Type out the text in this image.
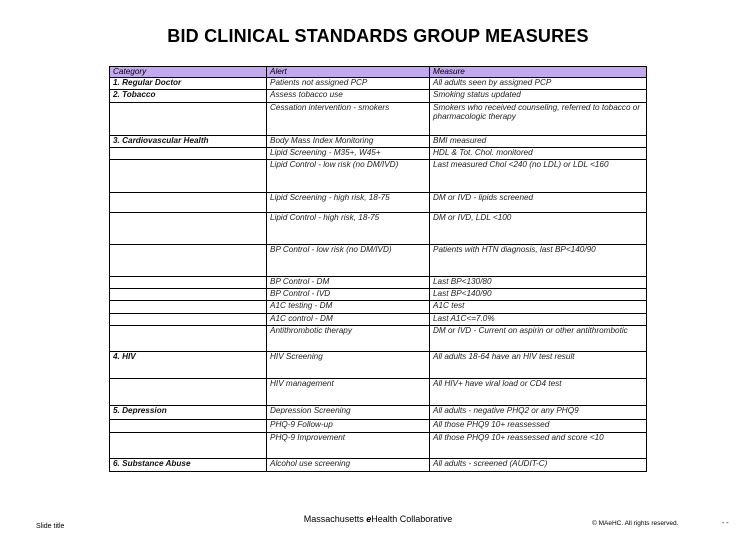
BID CLINICAL STANDARDS GROUP MEASURES
Category	Alert	Measure
1. Regular Doctor	Patients not assigned PCP	All adults seen by assigned PCP
2. Tobacco	Assess tobacco use	Smoking status updated
	Cessation intervention - smokers	Smokers who received counseling, referred to tobacco or pharmacologic therapy
3. Cardiovascular Health	Body Mass Index Monitoring	BMI measured
	Lipid Screening - M35+, W45+	HDL & Tot. Chol. monitored
	Lipid Control - low risk (no DM/IVD)	Last measured Chol <240 (no LDL) or LDL <160
	Lipid Screening - high risk, 18-75	DM or IVD - lipids screened
	Lipid Control - high risk, 18-75	DM or IVD, LDL <100
	BP Control - low risk (no DM/IVD)	Patients with HTN diagnosis, last BP<140/90
	BP Control - DM	Last BP<130/80
	BP Control - IVD	Last BP<140/90
	A1C testing - DM	A1C test
	A1C control - DM	Last A1C<=7.0%
	Antithrombotic therapy	DM or IVD - Current on aspirin or other antithrombotic
4. HIV	HIV Screening	All adults 18-64 have an HIV test result
	HIV management	All HIV+ have viral load or CD4 test
5. Depression	Depression Screening	All adults - negative PHQ2 or any PHQ9
	PHQ-9 Follow-up	All those PHQ9 10+ reassessed
	PHQ-9 Improvement	All those PHQ9 10+ reassessed and score <10
6. Substance Abuse	Alcohol use screening	All adults - screened (AUDIT-C)
Slide title
Massachusetts eHealth Collaborative	© MAeHC. All rights reserved.	- -
